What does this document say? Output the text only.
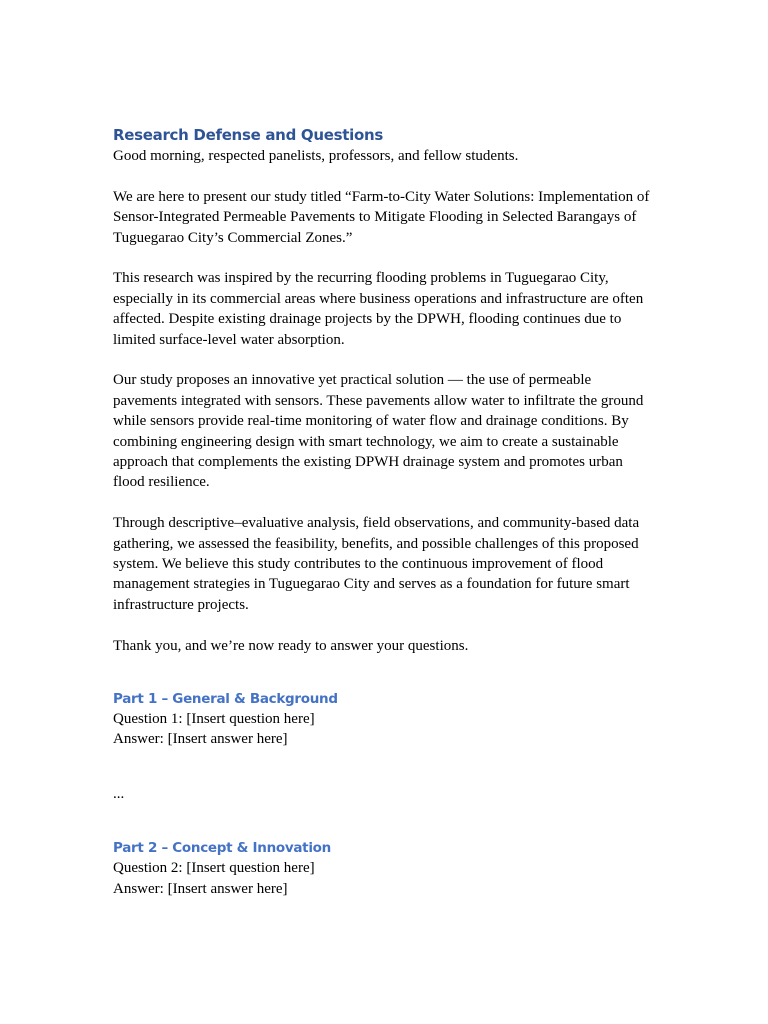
Research Defense and Questions

Good morning, respected panelists, professors, and fellow students.

We are here to present our study titled “Farm-to-City Water Solutions: Implementation of Sensor-Integrated Permeable Pavements to Mitigate Flooding in Selected Barangays of Tuguegarao City’s Commercial Zones.”

This research was inspired by the recurring flooding problems in Tuguegarao City, especially in its commercial areas where business operations and infrastructure are often affected. Despite existing drainage projects by the DPWH, flooding continues due to limited surface-level water absorption.

Our study proposes an innovative yet practical solution — the use of permeable pavements integrated with sensors. These pavements allow water to infiltrate the ground while sensors provide real-time monitoring of water flow and drainage conditions. By combining engineering design with smart technology, we aim to create a sustainable approach that complements the existing DPWH drainage system and promotes urban flood resilience.

Through descriptive–evaluative analysis, field observations, and community-based data gathering, we assessed the feasibility, benefits, and possible challenges of this proposed system. We believe this study contributes to the continuous improvement of flood management strategies in Tuguegarao City and serves as a foundation for future smart infrastructure projects.

Thank you, and we’re now ready to answer your questions.

Part 1 – General & Background

Question 1: [Insert question here]

Answer: [Insert answer here]

...

Part 2 – Concept & Innovation

Question 2: [Insert question here]

Answer: [Insert answer here]
